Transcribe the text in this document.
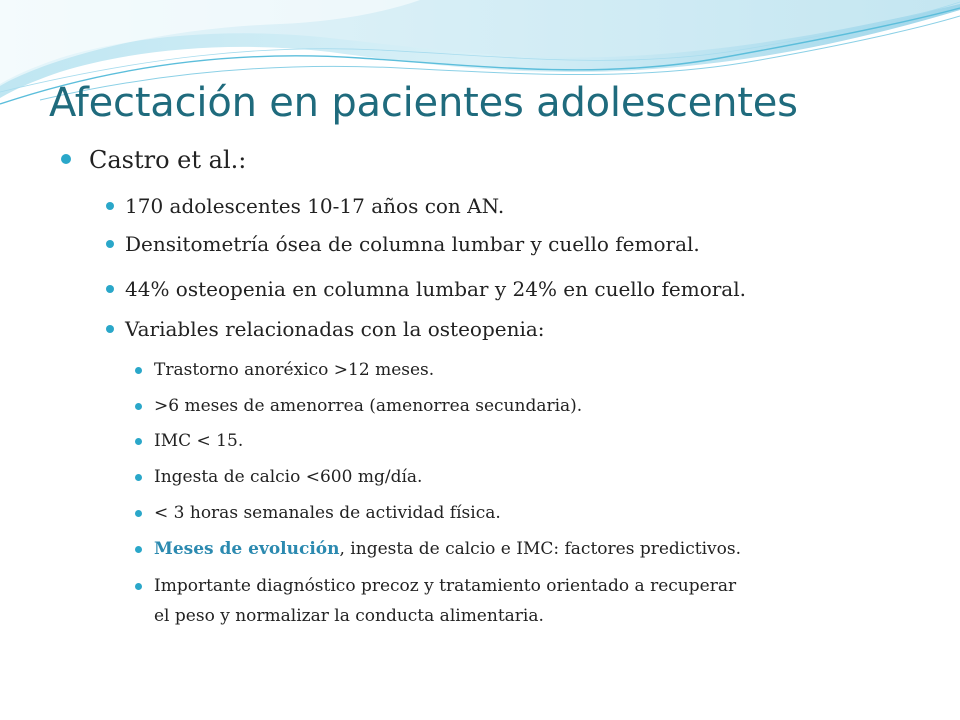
Afectación en pacientes adolescentes
Castro et al.:
170 adolescentes 10-17 años con AN.
Densitometría ósea de columna lumbar y cuello femoral.
44% osteopenia en columna lumbar y 24% en cuello femoral.
Variables relacionadas con la osteopenia:
Trastorno anoréxico >12 meses.
>6 meses de amenorrea (amenorrea secundaria).
IMC < 15.
Ingesta de calcio <600 mg/día.
< 3 horas semanales de actividad física.
Meses de evolución, ingesta de calcio e IMC: factores predictivos.
Importante diagnóstico precoz y tratamiento orientado a recuperar
el peso y normalizar la conducta alimentaria.
